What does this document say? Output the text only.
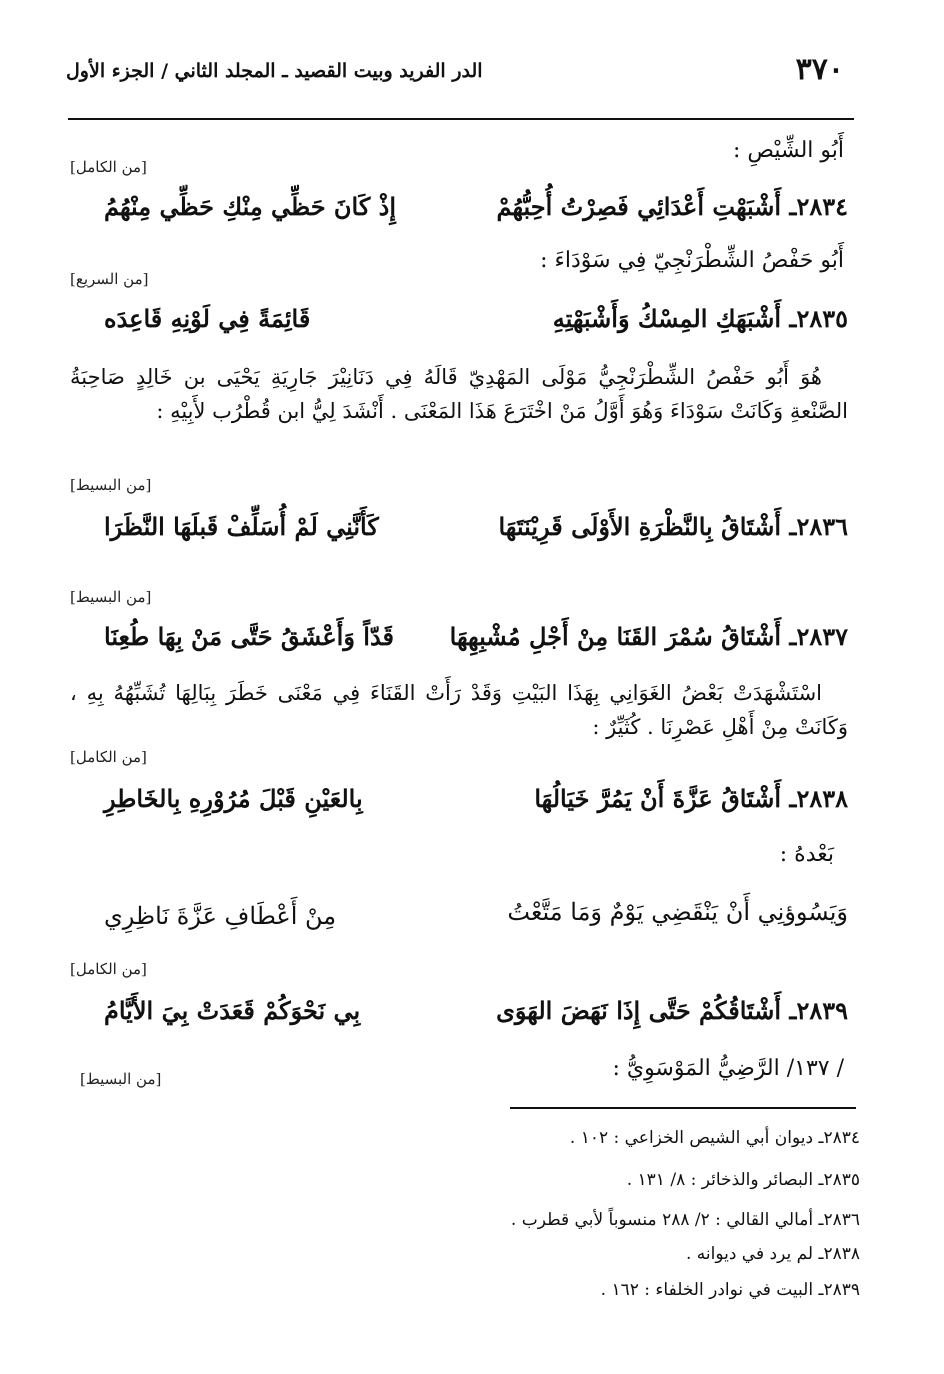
٣٧٠
الدر الفريد وبيت القصيد ـ المجلد الثاني / الجزء الأول
أَبُو الشِّيْصِ :
[من الكامل]
٢٨٣٤ـ أَشْبَهْتِ أَعْدَائِي فَصِرْتُ أُحِبُّهُمْ
إِذْ كَانَ حَظِّي مِنْكِ حَظِّي مِنْهُمُ
أَبُو حَفْصُ الشِّطْرَنْجِيّ فِي سَوْدَاءَ :
[من السريع]
٢٨٣٥ـ أَشْبَهَكِ المِسْكُ وَأَشْبَهْتِهِ
قَائِمَةً فِي لَوْنِهِ قَاعِدَه
هُوَ أَبُو حَفْصُ الشِّطْرَنْجِيُّ مَوْلَى المَهْدِيّ قَالَهُ فِي دَنَانِيْرَ جَارِيَةِ يَحْيَى بن خَالِدٍ صَاحِبَةُ الصَّنْعةِ وَكَانَتْ سَوْدَاءَ وَهُوَ أَوَّلُ مَنْ اخْتَرَعَ هَذَا المَعْنَى . أَنْشَدَ لِيُّ ابن قُطْرُب لأَبِيْهِ :
[من البسيط]
٢٨٣٦ـ أَشْتَاقُ بِالنَّظْرَةِ الأَوْلَى قَرِيْنَتَهَا
كَأَنَّنِي لَمْ أُسَلِّفْ قَبلَهَا النَّظَرَا
[من البسيط]
٢٨٣٧ـ أَشْتَاقُ سُمْرَ القَنَا مِنْ أَجْلِ مُشْبِهِهَا
قَدّاً وَأَعْشَقُ حَتَّى مَنْ بِهَا طُعِنَا
اسْتَشْهَدَتْ بَعْضُ الغَوَانِي بِهَذَا البَيْتِ وَقَدْ رَأَتْ القَنَاءَ فِي مَعْنَى خَطَرَ بِبَالِهَا تُشَبِّهُهُ بِهِ ، وَكَانَتْ مِنْ أَهْلِ عَصْرِنَا . كُثَيِّرٌ :
[من الكامل]
٢٨٣٨ـ أَشْتَاقُ عَزَّةَ أَنْ يَمُرَّ خَيَالُهَا
بِالعَيْنِ قَبْلَ مُرُوْرِهِ بِالخَاطِرِ
بَعْدهُ :
وَيَسُوؤنِي أَنْ يَنْقَضِي يَوْمٌ وَمَا مَتَّعْتُ
مِنْ أَعْطَافِ عَزَّةَ نَاظِرِي
[من الكامل]
٢٨٣٩ـ أَشْتَاقُكُمْ حَتَّى إِذَا نَهَضَ الهَوَى
بِي نَحْوَكُمْ قَعَدَتْ بِيَ الأَيَّامُ
/ ١٣٧/ الرَّضِيُّ المَوْسَوِيُّ :
[من البسيط]
٢٨٣٤ـ ديوان أبي الشيص الخزاعي : ١٠٢ .
٢٨٣٥ـ البصائر والذخائر : ٨/ ١٣١ .
٢٨٣٦ـ أمالي القالي : ٢/ ٢٨٨ منسوباً لأبي قطرب .
٢٨٣٨ـ لم يرد في ديوانه .
٢٨٣٩ـ البيت في نوادر الخلفاء : ١٦٢ .
